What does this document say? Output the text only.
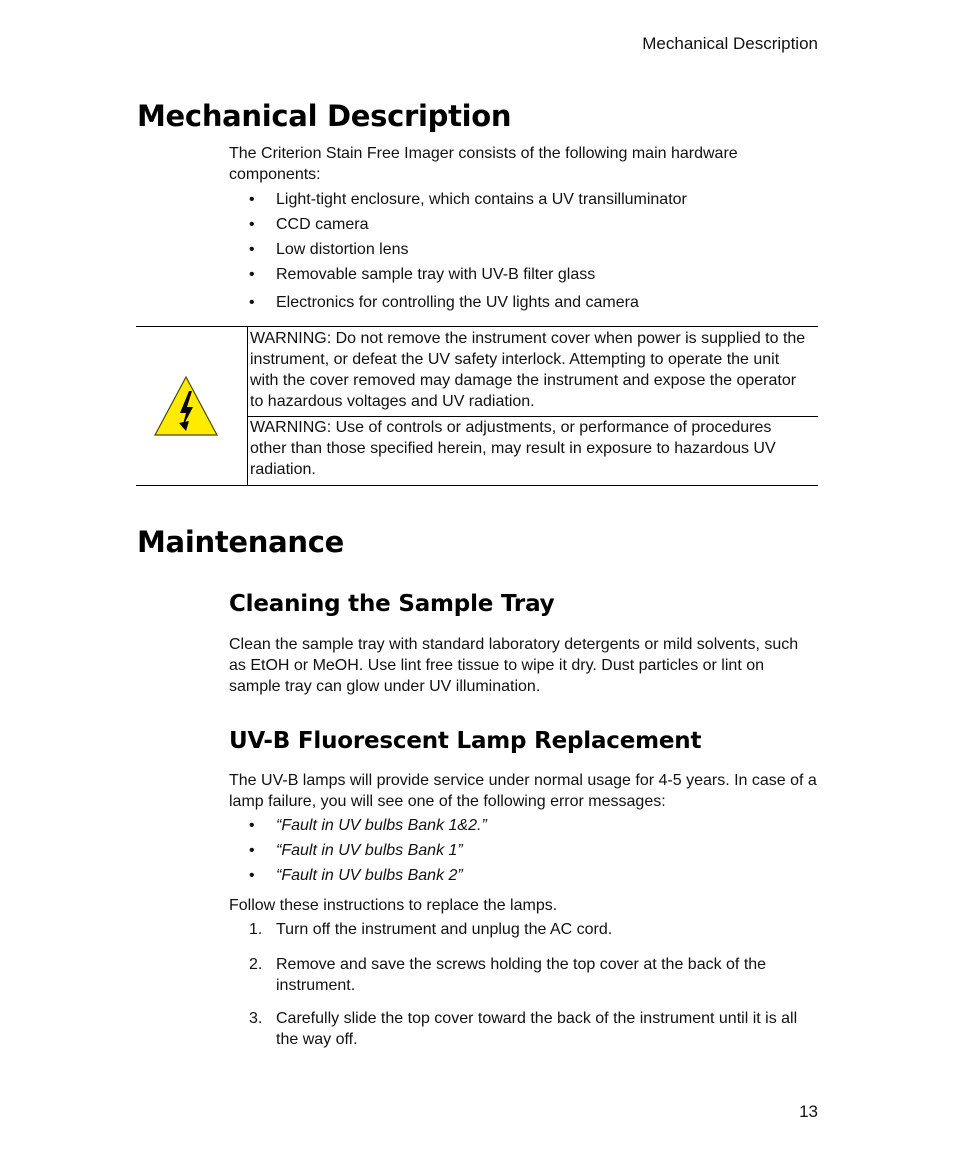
Mechanical Description
Mechanical Description

The Criterion Stain Free Imager consists of the following main hardware components:

• Light-tight enclosure, which contains a UV transilluminator
• CCD camera
• Low distortion lens
• Removable sample tray with UV-B filter glass
• Electronics for controlling the UV lights and camera

WARNING: Do not remove the instrument cover when power is supplied to the instrument, or defeat the UV safety interlock. Attempting to operate the unit with the cover removed may damage the instrument and expose the operator to hazardous voltages and UV radiation.

WARNING: Use of controls or adjustments, or performance of procedures other than those specified herein, may result in exposure to hazardous UV radiation.

Maintenance
Cleaning the Sample Tray

Clean the sample tray with standard laboratory detergents or mild solvents, such as EtOH or MeOH. Use lint free tissue to wipe it dry. Dust particles or lint on sample tray can glow under UV illumination.

UV-B Fluorescent Lamp Replacement

The UV-B lamps will provide service under normal usage for 4-5 years. In case of a lamp failure, you will see one of the following error messages:

• “Fault in UV bulbs Bank 1&2.”
• “Fault in UV bulbs Bank 1”
• “Fault in UV bulbs Bank 2”

Follow these instructions to replace the lamps.

1. Turn off the instrument and unplug the AC cord.
2. Remove and save the screws holding the top cover at the back of the instrument.
3. Carefully slide the top cover toward the back of the instrument until it is all the way off.
13
